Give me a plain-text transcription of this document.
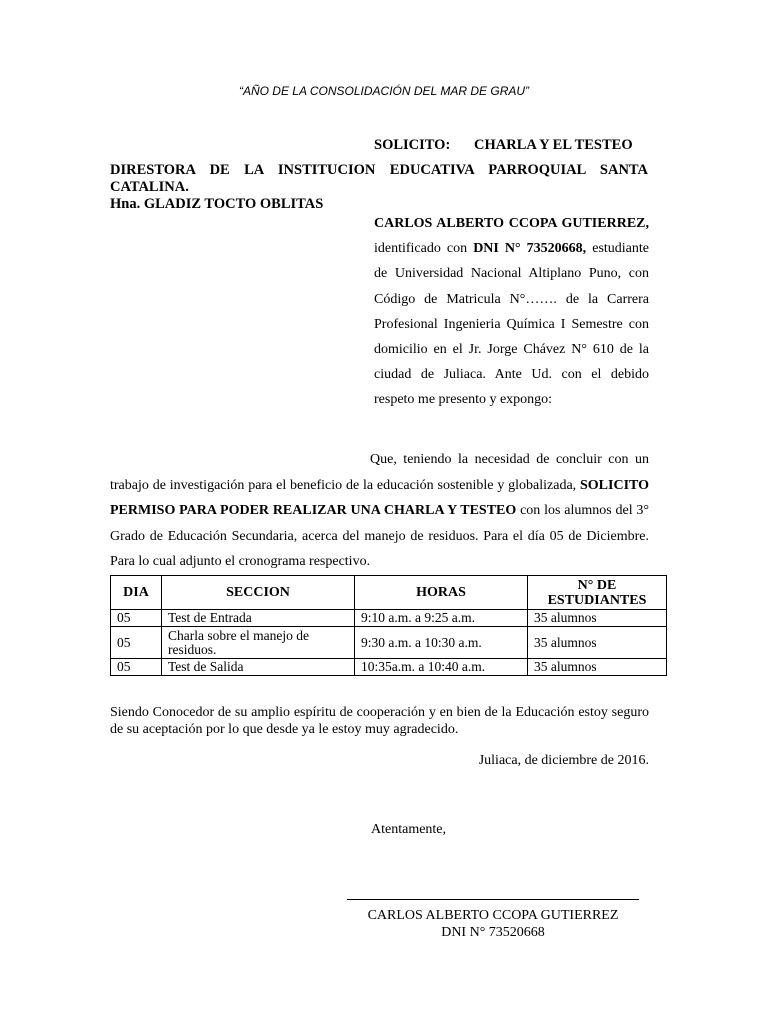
“AÑO DE LA CONSOLIDACIÓN DEL MAR DE GRAU”
SOLICITO: CHARLA Y EL TESTEO
DIRESTORA DE LA INSTITUCION EDUCATIVA PARROQUIAL SANTA CATALINA.
Hna. GLADIZ TOCTO OBLITAS
CARLOS ALBERTO CCOPA GUTIERREZ, identificado con DNI N° 73520668, estudiante de Universidad Nacional Altiplano Puno, con Código de Matricula N°……. de la Carrera Profesional Ingenieria Química I Semestre con domicilio en el Jr. Jorge Chávez N° 610 de la ciudad de Juliaca. Ante Ud. con el debido respeto me presento y expongo:
Que, teniendo la necesidad de concluir con un trabajo de investigación para el beneficio de la educación sostenible y globalizada, SOLICITO PERMISO PARA PODER REALIZAR UNA CHARLA Y TESTEO con los alumnos del 3° Grado de Educación Secundaria, acerca del manejo de residuos. Para el día 05 de Diciembre. Para lo cual adjunto el cronograma respectivo.
DIA	SECCION	HORAS	N° DE ESTUDIANTES
05	Test de Entrada	9:10 a.m. a 9:25 a.m.	35 alumnos
05	Charla sobre el manejo de residuos.	9:30 a.m. a 10:30 a.m.	35 alumnos
05	Test de Salida	10:35a.m. a 10:40 a.m.	35 alumnos
Siendo Conocedor de su amplio espíritu de cooperación y en bien de la Educación estoy seguro de su aceptación por lo que desde ya le estoy muy agradecido.
Juliaca, de diciembre de 2016.
Atentamente,
CARLOS ALBERTO CCOPA GUTIERREZ
DNI N° 73520668
